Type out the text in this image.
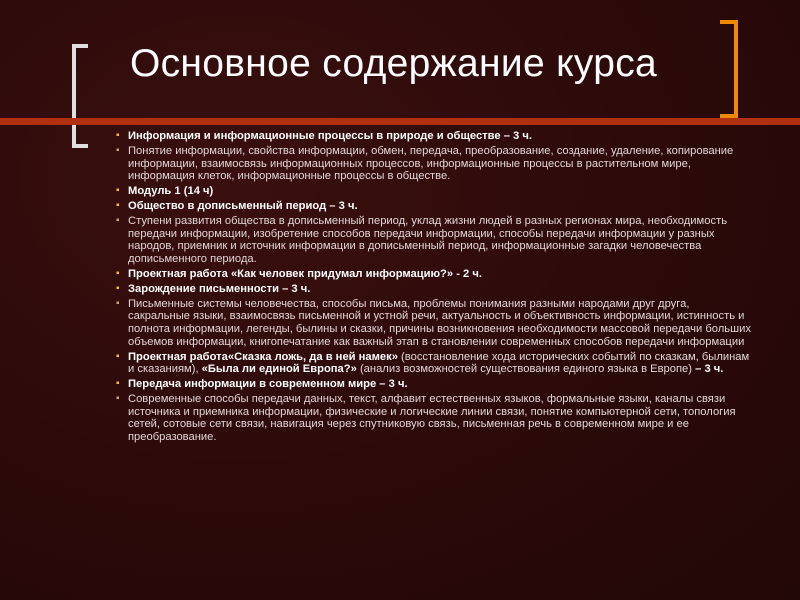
Основное содержание курса
▪ Информация и информационные процессы в природе и обществе – 3 ч.
▪ Понятие информации, свойства информации, обмен, передача, преобразование, создание, удаление, копирование информации, взаимосвязь информационных процессов, информационные процессы в растительном мире, информация клеток, информационные процессы в обществе.
▪ Модуль 1 (14 ч)
▪ Общество в дописьменный период – 3 ч.
▪ Ступени развития общества в дописьменный период, уклад жизни людей в разных регионах мира, необходимость передачи информации, изобретение способов передачи информации, способы передачи информации у разных народов, приемник и источник информации в дописьменный период, информационные загадки человечества дописьменного периода.
▪ Проектная работа «Как человек придумал информацию?» - 2 ч.
▪ Зарождение письменности – 3 ч.
▪ Письменные системы человечества, способы письма, проблемы понимания разными народами друг друга, сакральные языки, взаимосвязь письменной и устной речи, актуальность и объективность информации, истинность и полнота информации, легенды, былины и сказки, причины возникновения необходимости массовой передачи больших объемов информации, книгопечатание как важный этап в становлении современных способов передачи информации
▪ Проектная работа«Сказка ложь, да в ней намек» (восстановление хода исторических событий по сказкам, былинам и сказаниям), «Была ли единой Европа?» (анализ возможностей существования единого языка в Европе) – 3 ч.
▪ Передача информации в современном мире – 3 ч.
▪ Современные способы передачи данных, текст, алфавит естественных языков, формальные языки, каналы связи источника и приемника информации, физические и логические линии связи, понятие компьютерной сети, топология сетей, сотовые сети связи, навигация через спутниковую связь, письменная речь в современном мире и ее преобразование.
